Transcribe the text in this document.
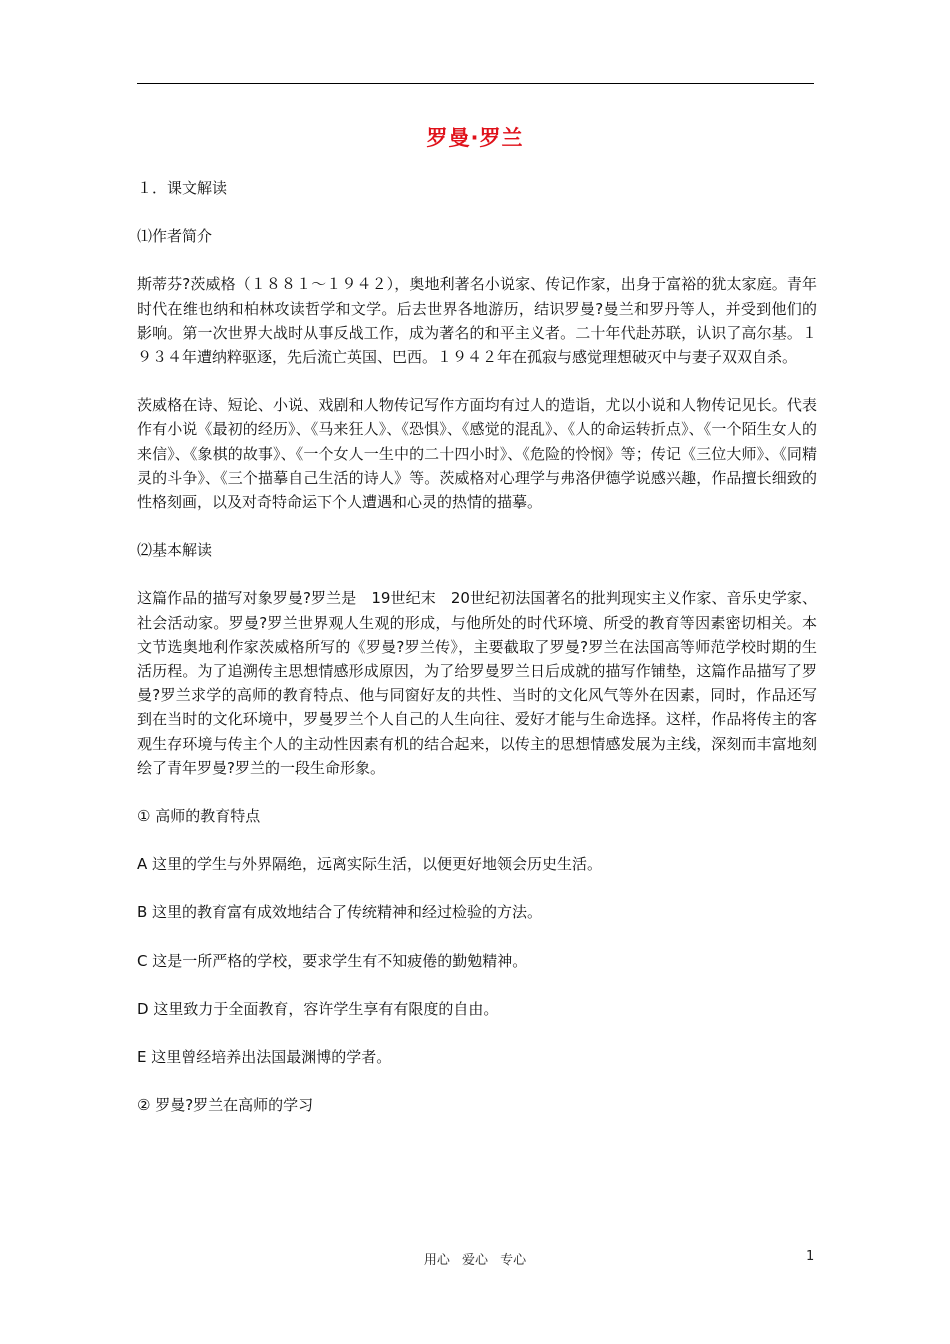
罗曼·罗兰

１．课文解读

⑴作者简介

斯蒂芬?茨威格（１８８１～１９４２），奥地利著名小说家、传记作家，出身于富裕的犹太家庭。青年时代在维也纳和柏林攻读哲学和文学。后去世界各地游历，结识罗曼?曼兰和罗丹等人，并受到他们的影响。第一次世界大战时从事反战工作，成为著名的和平主义者。二十年代赴苏联，认识了高尔基。１９３４年遭纳粹驱逐，先后流亡英国、巴西。１９４２年在孤寂与感觉理想破灭中与妻子双双自杀。

茨威格在诗、短论、小说、戏剧和人物传记写作方面均有过人的造诣，尤以小说和人物传记见长。代表作有小说《最初的经历》、《马来狂人》、《恐惧》、《感觉的混乱》、《人的命运转折点》、《一个陌生女人的来信》、《象棋的故事》、《一个女人一生中的二十四小时》、《危险的怜悯》等；传记《三位大师》、《同精灵的斗争》、《三个描摹自己生活的诗人》等。茨威格对心理学与弗洛伊德学说感兴趣，作品擅长细致的性格刻画，以及对奇特命运下个人遭遇和心灵的热情的描摹。

⑵基本解读

这篇作品的描写对象罗曼?罗兰是　19世纪末　20世纪初法国著名的批判现实主义作家、音乐史学家、社会活动家。罗曼?罗兰世界观人生观的形成，与他所处的时代环境、所受的教育等因素密切相关。本文节选奥地利作家茨威格所写的《罗曼?罗兰传》，主要截取了罗曼?罗兰在法国高等师范学校时期的生活历程。为了追溯传主思想情感形成原因，为了给罗曼罗兰日后成就的描写作铺垫，这篇作品描写了罗曼?罗兰求学的高师的教育特点、他与同窗好友的共性、当时的文化风气等外在因素，同时，作品还写到在当时的文化环境中，罗曼罗兰个人自己的人生向往、爱好才能与生命选择。这样，作品将传主的客观生存环境与传主个人的主动性因素有机的结合起来，以传主的思想情感发展为主线，深刻而丰富地刻绘了青年罗曼?罗兰的一段生命形象。

① 高师的教育特点

A 这里的学生与外界隔绝，远离实际生活，以便更好地领会历史生活。

B 这里的教育富有成效地结合了传统精神和经过检验的方法。

C 这是一所严格的学校，要求学生有不知疲倦的勤勉精神。

D 这里致力于全面教育，容许学生享有有限度的自由。

E 这里曾经培养出法国最渊博的学者。

② 罗曼?罗兰在高师的学习

用心 爱心 专心	1
